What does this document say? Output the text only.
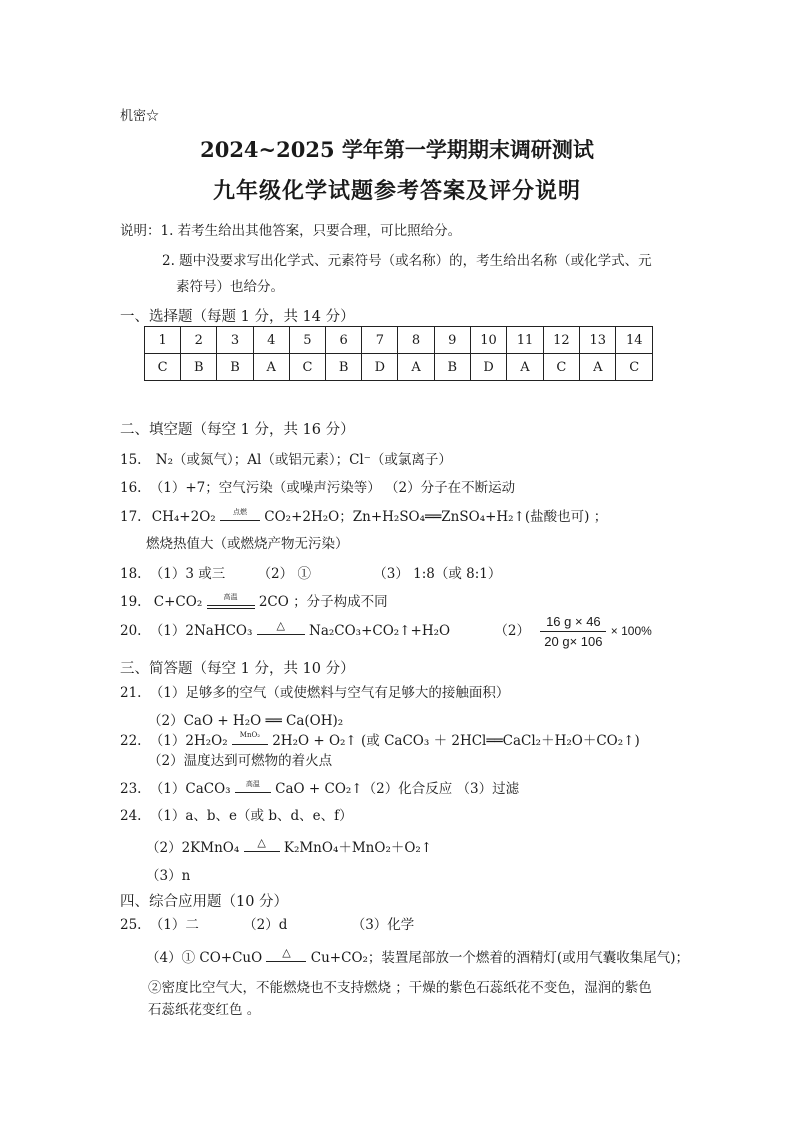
机密☆
2024~2025 学年第一学期期末调研测试
九年级化学试题参考答案及评分说明
说明：1. 若考生给出其他答案，只要合理，可比照给分。
2. 题中没要求写出化学式、元素符号（或名称）的，考生给出名称（或化学式、元
素符号）也给分。
一、选择题（每题 1 分，共 14 分）
1	2	3	4	5	6	7	8	9	10	11	12	13	14
C	B	B	A	C	B	D	A	B	D	A	C	A	C
二、填空题（每空 1 分，共 16 分）
15. N₂（或氮气）；Al（或铝元素）；Cl⁻（或氯离子）
16. （1）+7；空气污染（或噪声污染等） （2）分子在不断运动
17. CH₄+2O₂	点燃	CO₂+2H₂O；Zn+H₂SO₄══ZnSO₄+H₂↑(盐酸也可) ；
燃烧热值大（或燃烧产物无污染）
18. （1）3 或三 （2） ①	（3） 1:8（或 8:1）
19. C+CO₂	高温	2CO ；分子构成不同
20. （1）2NaHCO₃	△	Na₂CO₃+CO₂↑+H₂O	$(2) \frac{16 g \times 46}{20 g\times 106} \times 100\%$
三、简答题（每空 1 分，共 10 分）
21. （1）足够多的空气（或使燃料与空气有足够大的接触面积）
（2）CaO + H₂O ══ Ca(OH)₂
22. （1）2H₂O₂	MnO₂ 2H₂O + O₂↑ (或 CaCO₃ ＋ 2HCl══CaCl₂＋H₂O＋CO₂↑)
（2）温度达到可燃物的着火点
23. （1）CaCO₃	高温	CaO + CO₂↑（2）化合反应 （3）过滤
24. （1）a、b、e（或 b、d、e、f）
（2）2KMnO₄	△	K₂MnO₄＋MnO₂＋O₂↑
（3）n
四、综合应用题（10 分）
25. （1）二	（2）d	（3）化学
（4）① CO+CuO	△	Cu+CO₂；装置尾部放一个燃着的酒精灯(或用气囊收集尾气)；
②密度比空气大，不能燃烧也不支持燃烧 ；干燥的紫色石蕊纸花不变色，湿润的紫色
石蕊纸花变红色 。
